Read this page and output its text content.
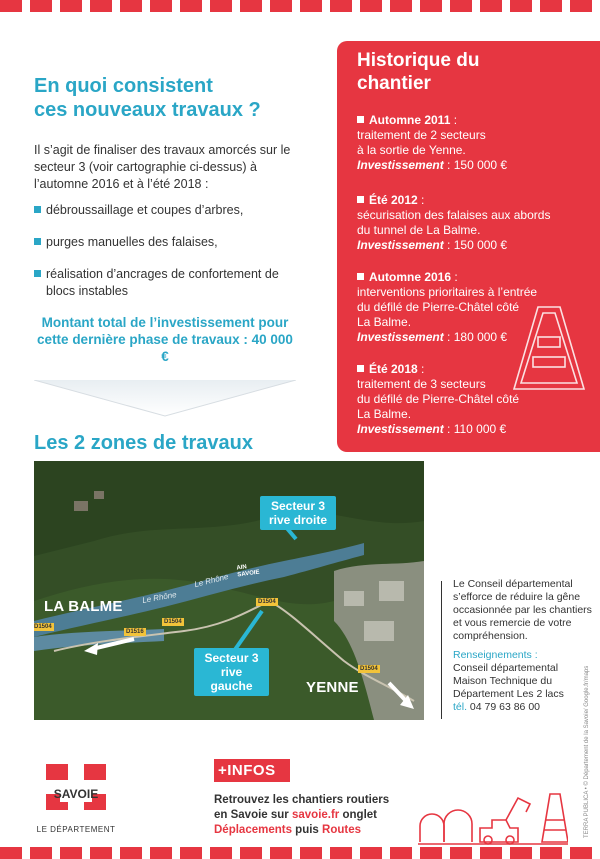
En quoi consistent
ces nouveaux travaux ?

Il s’agit de finaliser des travaux amorcés sur le secteur 3 (voir cartographie ci-dessus) à l’automne 2016 et à l’été 2018 :

débroussaillage et coupes d’arbres,
purges manuelles des falaises,
réalisation d’ancrages de confortement de blocs instables

Montant total de l’investissement pour cette dernière phase de travaux : 40 000 €

Historique du
chantier
Automne 2011 :
traitement de 2 secteurs
à la sortie de Yenne.
Investissement : 150 000 €
Été 2012 :
sécurisation des falaises aux abords
du tunnel de La Balme.
Investissement : 150 000 €
Automne 2016 :
interventions prioritaires à l’entrée
du défilé de Pierre-Châtel côté
La Balme.
Investissement : 180 000 €
Été 2018 :
traitement de 3 secteurs
du défilé de Pierre-Châtel côté
La Balme.
Investissement : 110 000 €
Les 2 zones de travaux
Secteur 3
rive droite
Secteur 3
rive gauche
LA BALME
YENNE
AIN
SAVOIE
Le Rhône
Le Rhône
D1504
D1516
D1504
D1504
D1504

Le Conseil départemental s’efforce de réduire la gêne occasionnée par les chantiers et vous remercie de votre compréhension.

Renseignements :

Conseil départemental

Maison Technique du

Département Les 2 lacs

tél. 04 79 63 86 00	TERRA PUBLICA • © Département de la Savoie/ Google.fr/maps
SAVOIE
LE DÉPARTEMENT
+INFOS
Retrouvez les chantiers routiers
en Savoie sur savoie.fr onglet
Déplacements puis Routes
